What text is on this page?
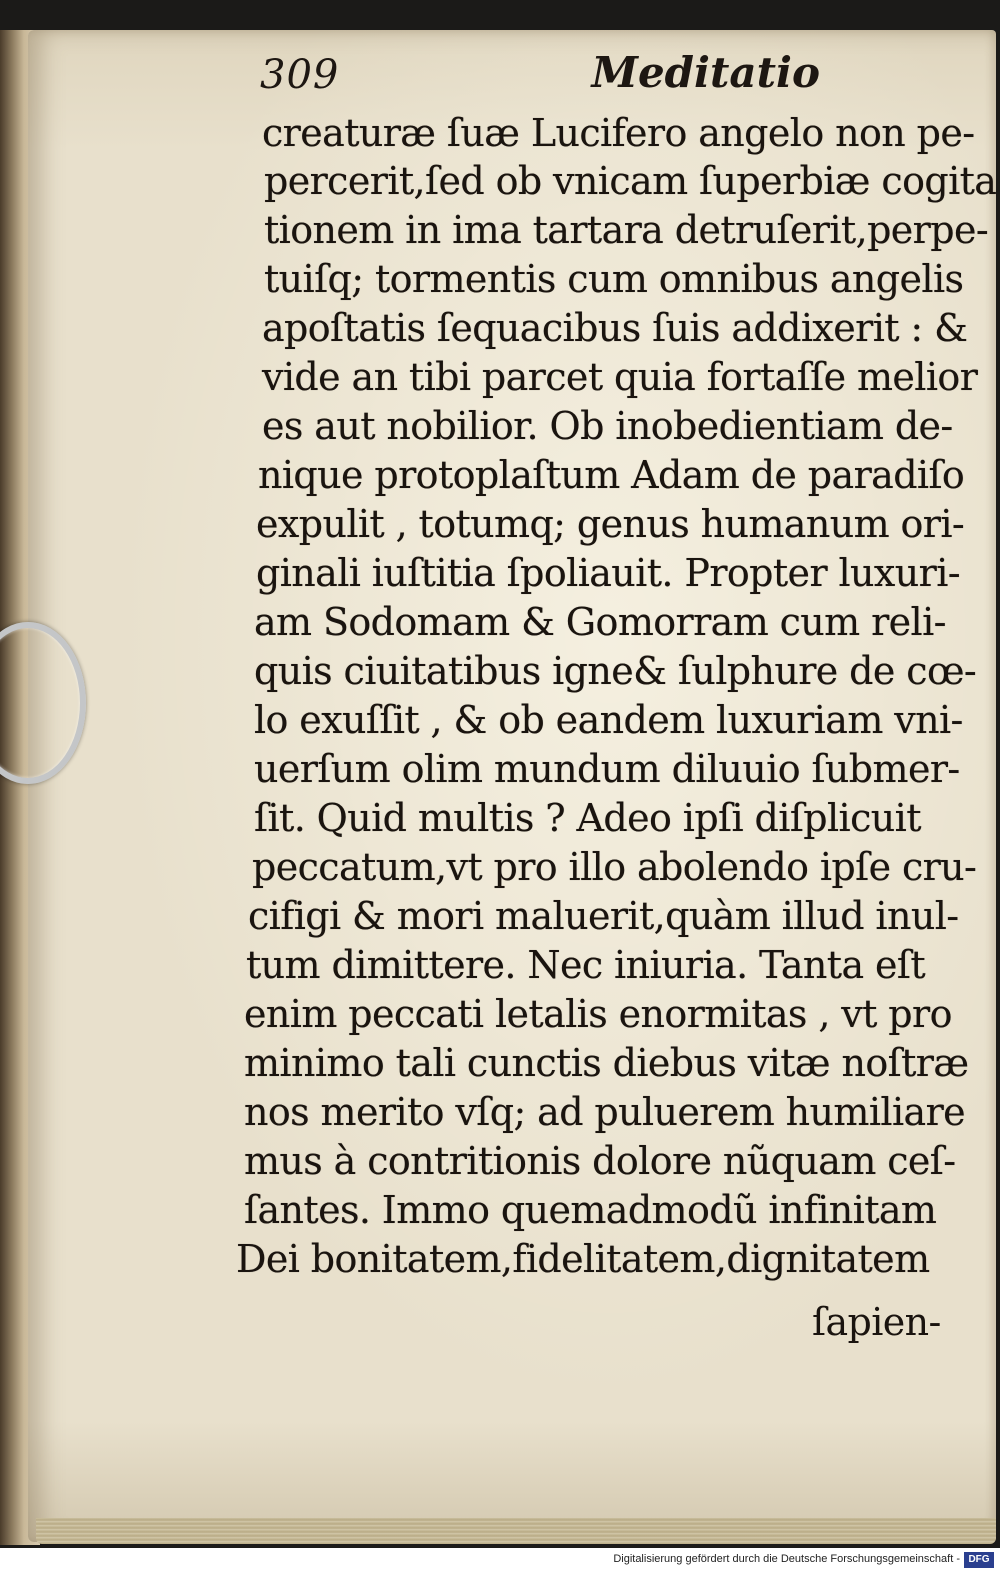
309	Meditatio
creaturæ ſuæ Lucifero angelo non pe-
percerit,ſed ob vnicam ſuperbiæ cogita
tionem in ima tartara detruſerit,perpe-
tuiſq; tormentis cum omnibus angelis
apoſtatis ſequacibus ſuis addixerit : &
vide an tibi parcet quia fortaſſe melior
es aut nobilior. Ob inobedientiam de-
nique protoplaſtum Adam de paradiſo
expulit , totumq; genus humanum ori-
ginali iuſtitia ſpoliauit. Propter luxuri-
am Sodomam & Gomorram cum reli-
quis ciuitatibus igne& ſulphure de cœ-
lo exuſſit , & ob eandem luxuriam vni-
uerſum olim mundum diluuio ſubmer-
ſit. Quid multis ? Adeo ipſi diſplicuit
peccatum,vt pro illo abolendo ipſe cru-
cifigi & mori maluerit,quàm illud inul-
tum dimittere. Nec iniuria. Tanta eſt
enim peccati letalis enormitas , vt pro
minimo tali cunctis diebus vitæ noſtræ
nos merito vſq; ad puluerem humiliare
mus à contritionis dolore nũquam ceſ-
ſantes. Immo quemadmodũ infinitam
Dei bonitatem,fidelitatem,dignitatem
ſapien-
Digitalisierung gefördert durch die Deutsche Forschungsgemeinschaft - DFG
